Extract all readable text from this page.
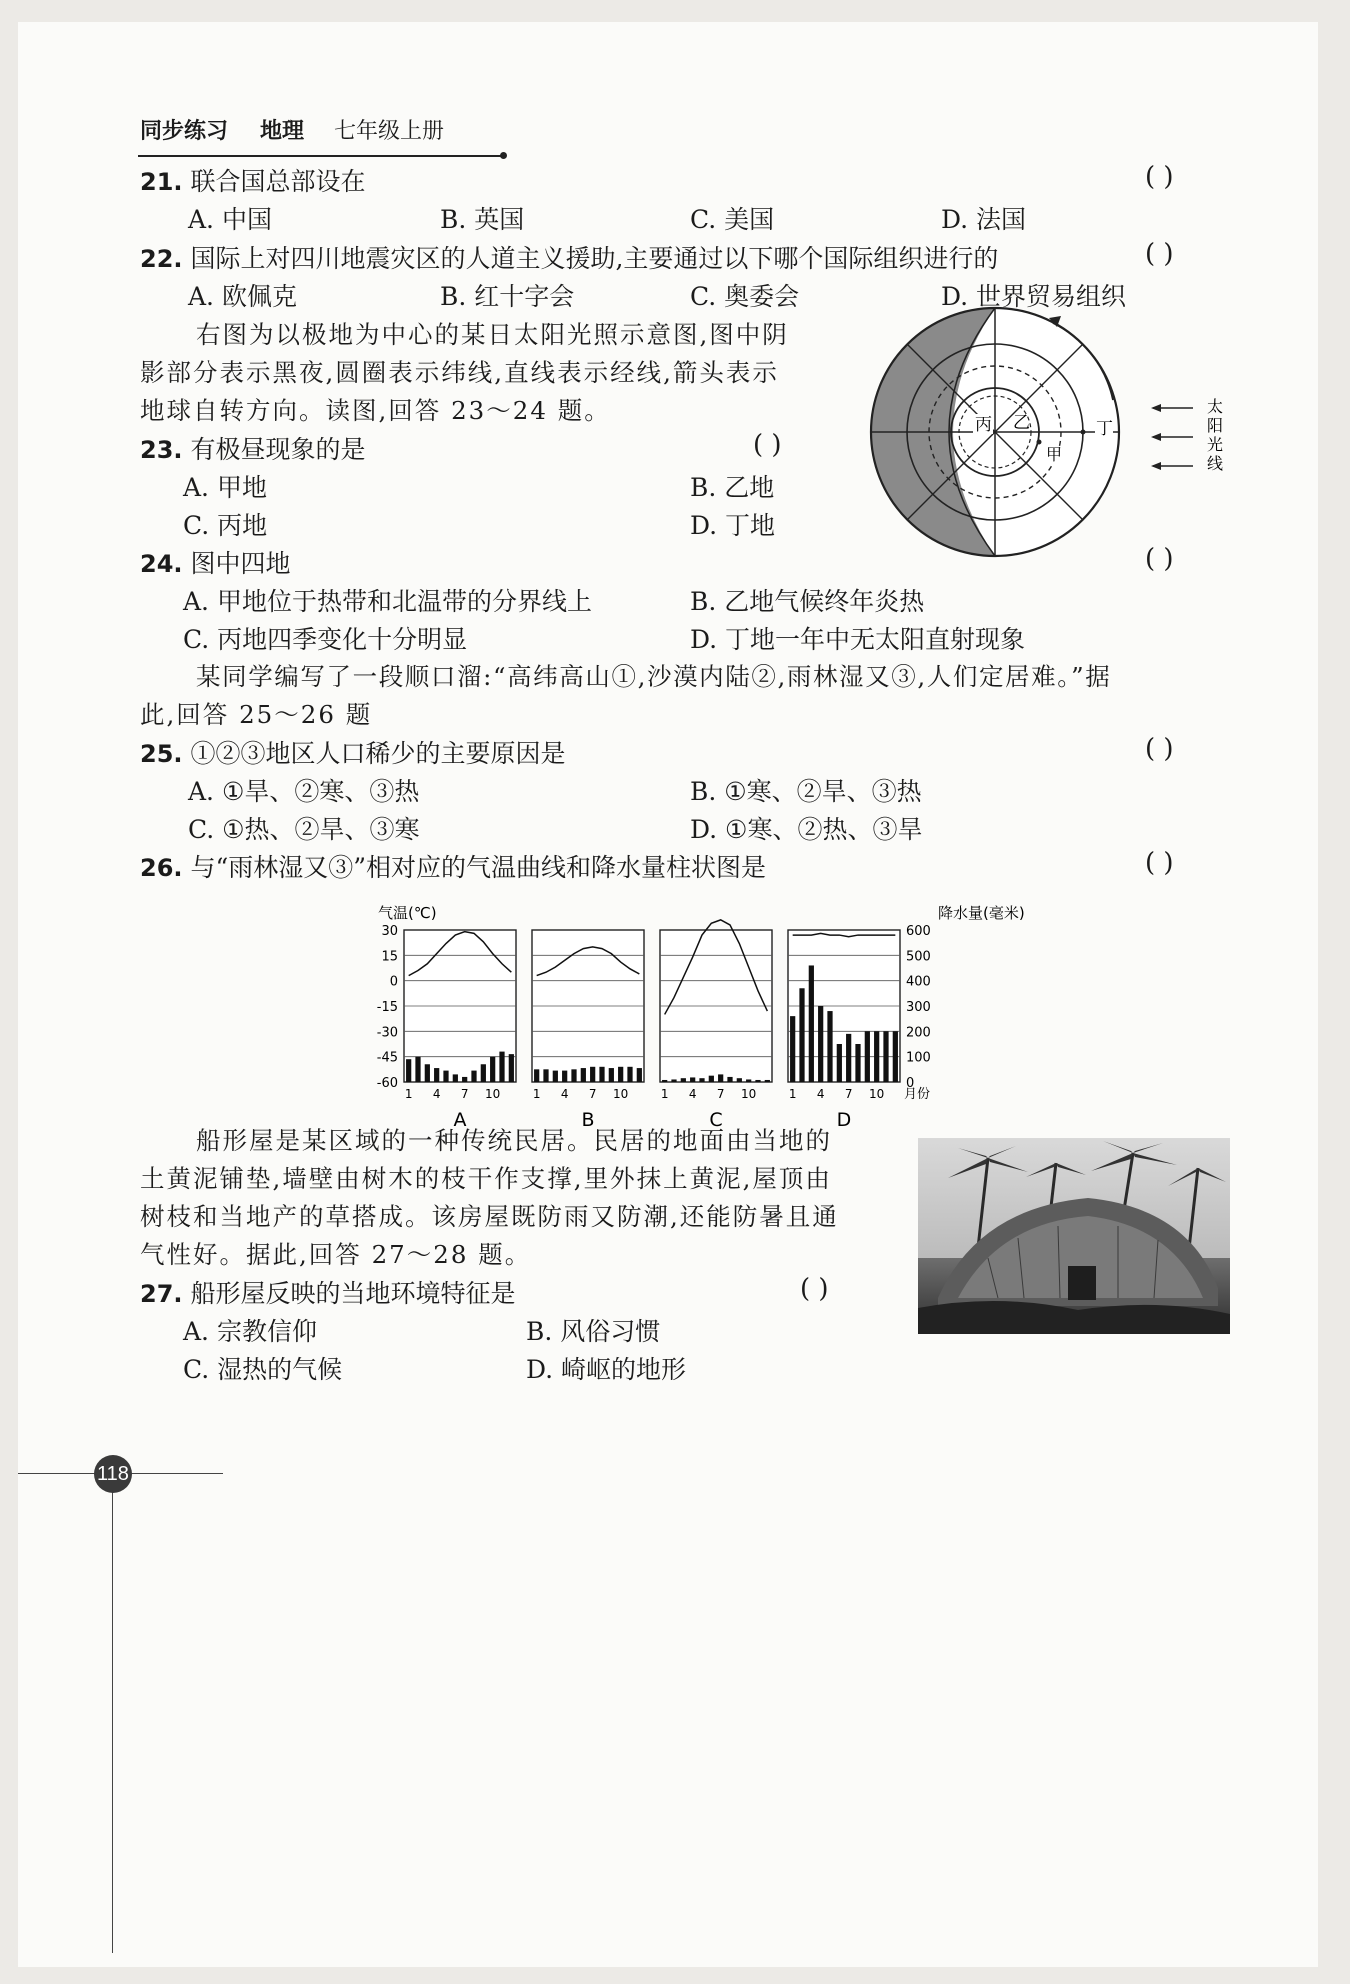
同步练习 地理 七年级上册
21. 联合国总部设在	( )
A. 中国	B. 英国	C. 美国	D. 法国
22. 国际上对四川地震灾区的人道主义援助,主要通过以下哪个国际组织进行的	( )
A. 欧佩克	B. 红十字会	C. 奥委会	D. 世界贸易组织
右图为以极地为中心的某日太阳光照示意图,图中阴
影部分表示黑夜,圆圈表示纬线,直线表示经线,箭头表示
地球自转方向。读图,回答 23～24 题。
23. 有极昼现象的是	( )
A. 甲地	B. 乙地
C. 丙地	D. 丁地
丙 乙	丁
甲
太
阳
光
线
24. 图中四地	( )
A. 甲地位于热带和北温带的分界线上	B. 乙地气候终年炎热
C. 丙地四季变化十分明显	D. 丁地一年中无太阳直射现象
某同学编写了一段顺口溜:“高纬高山①,沙漠内陆②,雨林湿又③,人们定居难。”据
此,回答 25～26 题
25. ①②③地区人口稀少的主要原因是	( )
A. ①旱、②寒、③热	B. ①寒、②旱、③热
C. ①热、②旱、③寒	D. ①寒、②热、③旱
26. 与“雨林湿又③”相对应的气温曲线和降水量柱状图是	( )
气温(℃)	降水量(毫米)
30
15
0
-15
-30
-45
-60
600
500
400
300
200
100
0
1 4 7 10
A
1 4 7 10
B
1 4 7 10
C
1 4 7 10
D
月份
船形屋是某区域的一种传统民居。民居的地面由当地的
土黄泥铺垫,墙壁由树木的枝干作支撑,里外抹上黄泥,屋顶由
树枝和当地产的草搭成。该房屋既防雨又防潮,还能防暑且通
气性好。据此,回答 27～28 题。
27. 船形屋反映的当地环境特征是	( )
A. 宗教信仰	B. 风俗习惯
C. 湿热的气候	D. 崎岖的地形
118
